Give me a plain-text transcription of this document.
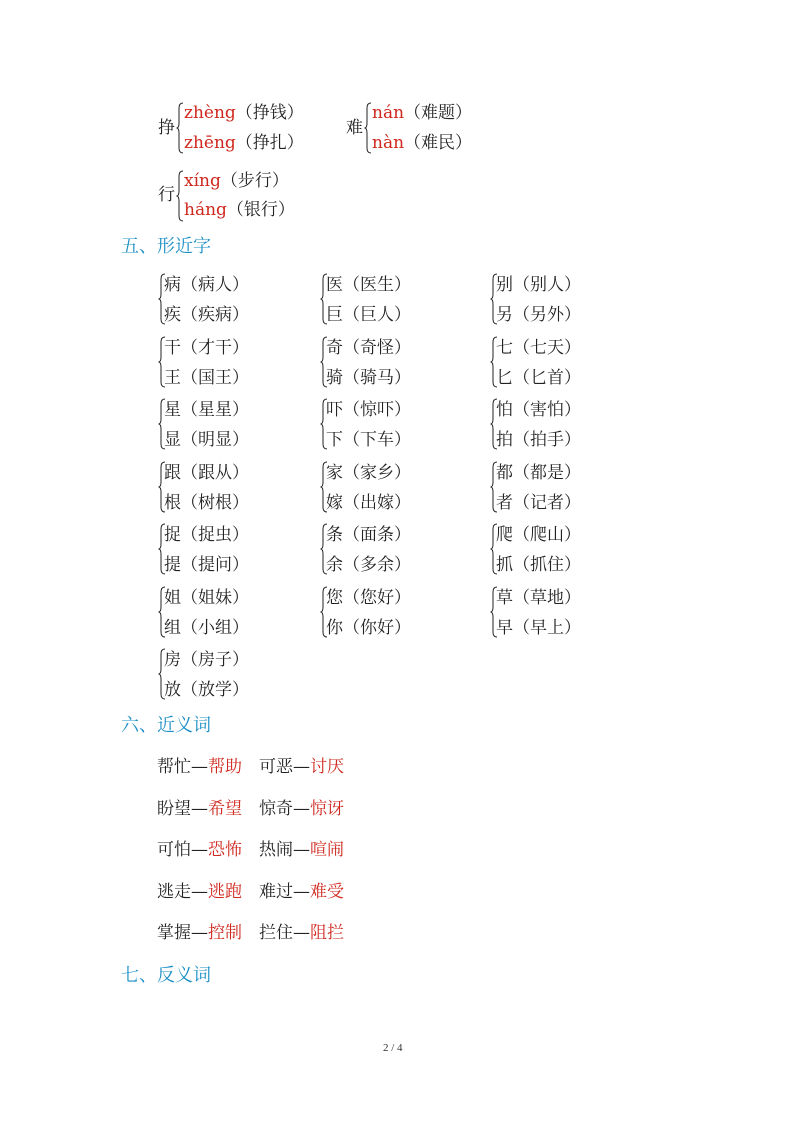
挣
zhèng（挣钱）
zhēng（挣扎）
难
nán（难题）
nàn（难民）
行
xíng（步行）
háng（银行）
五、形近字
病（病人）
疾（疾病）
医（医生）
巨（巨人）
别（别人）
另（另外）
干（才干）
王（国王）
奇（奇怪）
骑（骑马）
七（七天）
匕（匕首）
星（星星）
显（明显）
吓（惊吓）
下（下车）
怕（害怕）
拍（拍手）
跟（跟从）
根（树根）
家（家乡）
嫁（出嫁）
都（都是）
者（记者）
捉（捉虫）
提（提问）
条（面条）
余（多余）
爬（爬山）
抓（抓住）
姐（姐妹）
组（小组）
您（您好）
你（你好）
草（草地）
早（早上）
房（房子）
放（放学）
六、近义词
帮忙—帮助 可恶—讨厌
盼望—希望 惊奇—惊讶
可怕—恐怖 热闹—喧闹
逃走—逃跑 难过—难受
掌握—控制 拦住—阻拦
七、反义词
2 / 4
